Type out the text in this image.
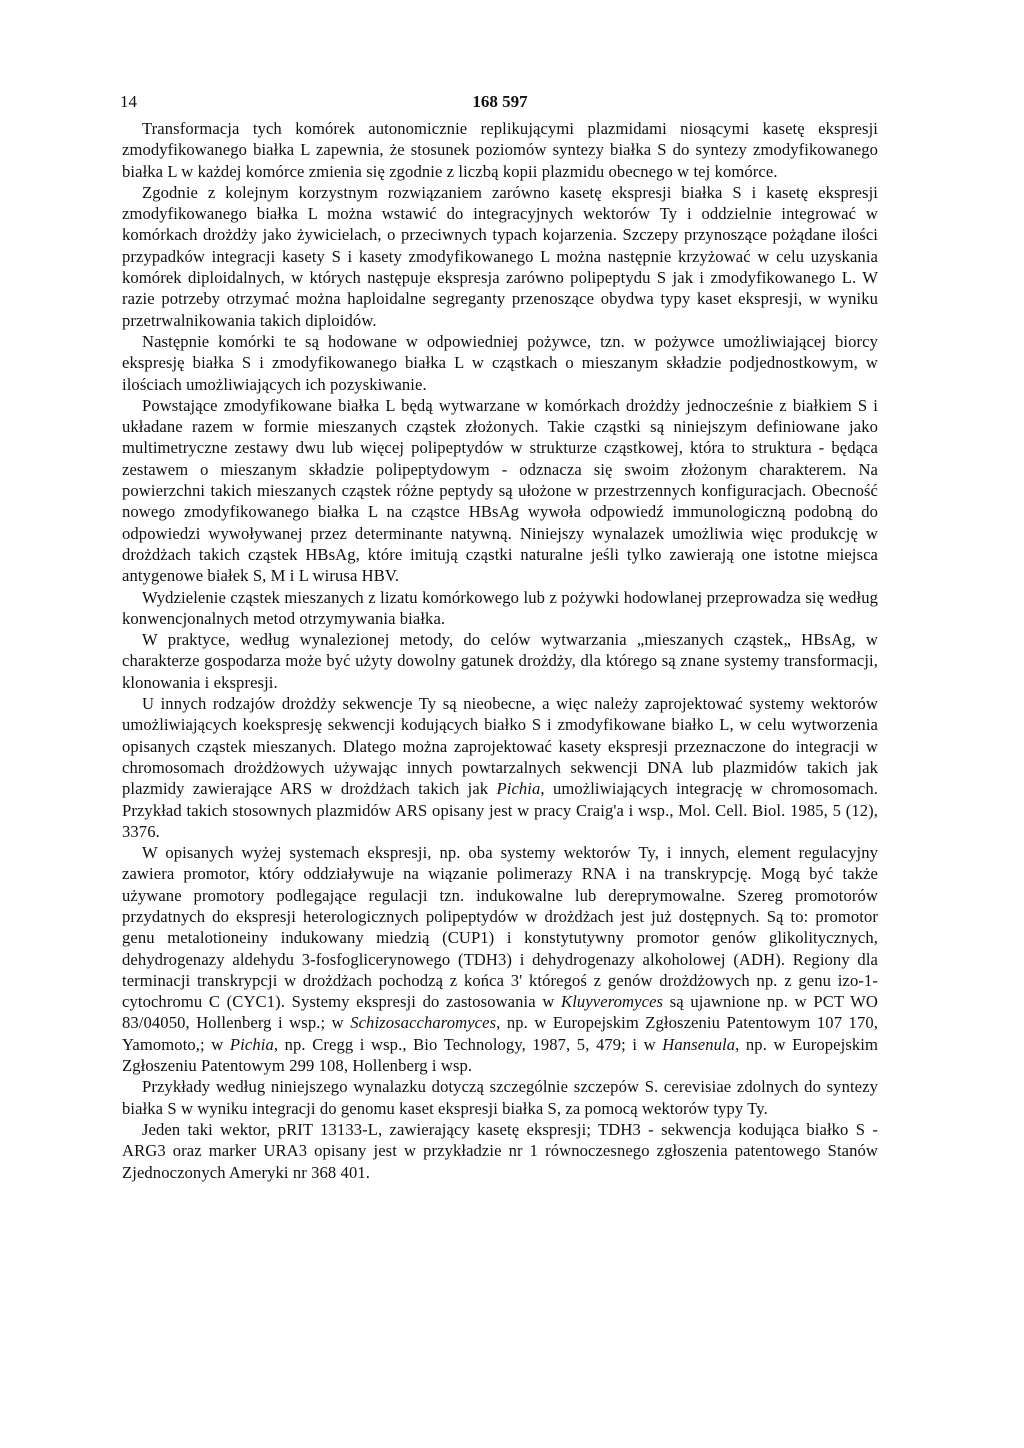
14	168 597

Transformacja tych komórek autonomicznie replikującymi plazmidami niosącymi kasetę ekspresji zmodyfikowanego białka L zapewnia, że stosunek poziomów syntezy białka S do syntezy zmodyfikowanego białka L w każdej komórce zmienia się zgodnie z liczbą kopii plazmidu obecnego w tej komórce.

Zgodnie z kolejnym korzystnym rozwiązaniem zarówno kasetę ekspresji białka S i kasetę ekspresji zmodyfikowanego białka L można wstawić do integracyjnych wektorów Ty i oddzielnie integrować w komórkach drożdży jako żywicielach, o przeciwnych typach kojarzenia. Szczepy przynoszące pożądane ilości przypadków integracji kasety S i kasety zmodyfikowanego L można następnie krzyżować w celu uzyskania komórek diploidalnych, w których następuje ekspresja zarówno polipeptydu S jak i zmodyfikowanego L. W razie potrzeby otrzymać można haploidalne segreganty przenoszące obydwa typy kaset ekspresji, w wyniku przetrwalnikowania takich diploidów.

Następnie komórki te są hodowane w odpowiedniej pożywce, tzn. w pożywce umożliwiającej biorcy ekspresję białka S i zmodyfikowanego białka L w cząstkach o mieszanym składzie podjednostkowym, w ilościach umożliwiających ich pozyskiwanie.

Powstające zmodyfikowane białka L będą wytwarzane w komórkach drożdży jednocześnie z białkiem S i układane razem w formie mieszanych cząstek złożonych. Takie cząstki są niniejszym definiowane jako multimetryczne zestawy dwu lub więcej polipeptydów w strukturze cząstkowej, która to struktura - będąca zestawem o mieszanym składzie polipeptydowym - odznacza się swoim złożonym charakterem. Na powierzchni takich mieszanych cząstek różne peptydy są ułożone w przestrzennych konfiguracjach. Obecność nowego zmodyfikowanego białka L na cząstce HBsAg wywoła odpowiedź immunologiczną podobną do odpowiedzi wywoływanej przez determinante natywną. Niniejszy wynalazek umożliwia więc produkcję w drożdżach takich cząstek HBsAg, które imitują cząstki naturalne jeśli tylko zawierają one istotne miejsca antygenowe białek S, M i L wirusa HBV.

Wydzielenie cząstek mieszanych z lizatu komórkowego lub z pożywki hodowlanej przeprowadza się według konwencjonalnych metod otrzymywania białka.

W praktyce, według wynalezionej metody, do celów wytwarzania „mieszanych cząstek„ HBsAg, w charakterze gospodarza może być użyty dowolny gatunek drożdży, dla którego są znane systemy transformacji, klonowania i ekspresji.

U innych rodzajów drożdży sekwencje Ty są nieobecne, a więc należy zaprojektować systemy wektorów umożliwiających koekspresję sekwencji kodujących białko S i zmodyfikowane białko L, w celu wytworzenia opisanych cząstek mieszanych. Dlatego można zaprojektować kasety ekspresji przeznaczone do integracji w chromosomach drożdżowych używając innych powtarzalnych sekwencji DNA lub plazmidów takich jak plazmidy zawierające ARS w drożdżach takich jak Pichia, umożliwiających integrację w chromosomach. Przykład takich stosownych plazmidów ARS opisany jest w pracy Craig'a i wsp., Mol. Cell. Biol. 1985, 5 (12), 3376.

W opisanych wyżej systemach ekspresji, np. oba systemy wektorów Ty, i innych, element regulacyjny zawiera promotor, który oddziaływuje na wiązanie polimerazy RNA i na transkrypcję. Mogą być także używane promotory podlegające regulacji tzn. indukowalne lub dereprymowalne. Szereg promotorów przydatnych do ekspresji heterologicznych polipeptydów w drożdżach jest już dostępnych. Są to: promotor genu metalotioneiny indukowany miedzią (CUP1) i konstytutywny promotor genów glikolitycznych, dehydrogenazy aldehydu 3-fosfoglicerynowego (TDH3) i dehydrogenazy alkoholowej (ADH). Regiony dla terminacji transkrypcji w drożdżach pochodzą z końca 3' któregoś z genów drożdżowych np. z genu izo-1-cytochromu C (CYC1). Systemy ekspresji do zastosowania w Kluyveromyces są ujawnione np. w PCT WO 83/04050, Hollenberg i wsp.; w Schizosaccharomyces, np. w Europejskim Zgłoszeniu Patentowym 107 170, Yamomoto,; w Pichia, np. Cregg i wsp., Bio Technology, 1987, 5, 479; i w Hansenula, np. w Europejskim Zgłoszeniu Patentowym 299 108, Hollenberg i wsp.

Przykłady według niniejszego wynalazku dotyczą szczególnie szczepów S. cerevisiae zdolnych do syntezy białka S w wyniku integracji do genomu kaset ekspresji białka S, za pomocą wektorów typy Ty.

Jeden taki wektor, pRIT 13133-L, zawierający kasetę ekspresji; TDH3 - sekwencja kodująca białko S - ARG3 oraz marker URA3 opisany jest w przykładzie nr 1 równoczesnego zgłoszenia patentowego Stanów Zjednoczonych Ameryki nr 368 401.
